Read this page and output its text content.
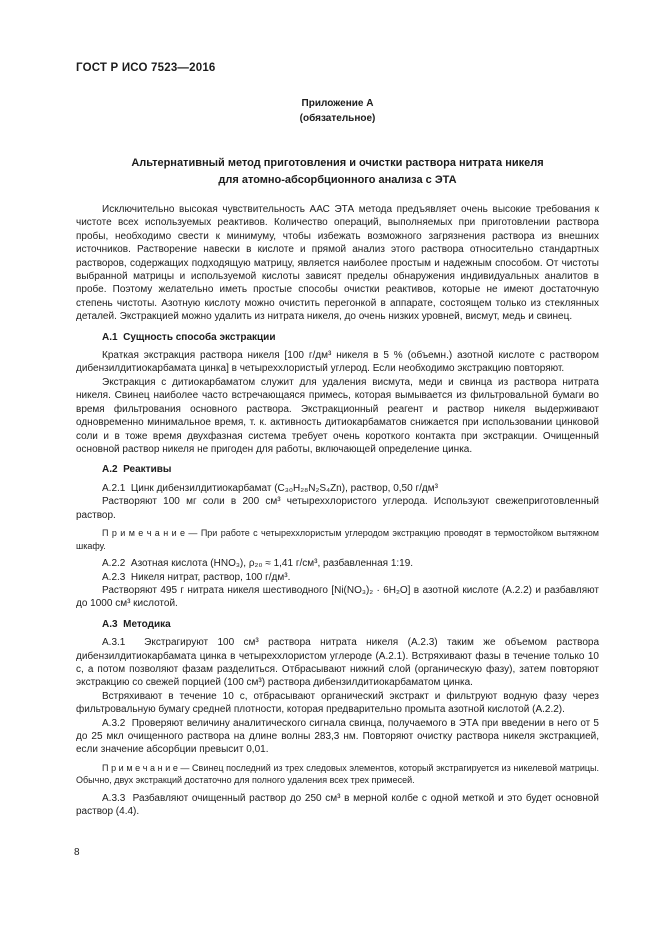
ГОСТ Р ИСО 7523—2016
Приложение А
(обязательное)
Альтернативный метод приготовления и очистки раствора нитрата никеля
для атомно-абсорбционного анализа с ЭТА

Исключительно высокая чувствительность ААС ЭТА метода предъявляет очень высокие требования к чистоте всех используемых реактивов. Количество операций, выполняемых при приготовлении раствора пробы, необходимо свести к минимуму, чтобы избежать возможного загрязнения раствора из внешних источников. Растворение навески в кислоте и прямой анализ этого раствора относительно стандартных растворов, содержащих подходящую матрицу, является наиболее простым и надежным способом. От чистоты выбранной матрицы и используемой кислоты зависят пределы обнаружения индивидуальных аналитов в пробе. Поэтому желательно иметь простые способы очистки реактивов, которые не имеют достаточную степень чистоты. Азотную кислоту можно очистить перегонкой в аппарате, состоящем только из стеклянных деталей. Экстракцией можно удалить из нитрата никеля, до очень низких уровней, висмут, медь и свинец.

А.1  Сущность способа экстракции

Краткая экстракция раствора никеля [100 г/дм³ никеля в 5 % (объемн.) азотной кислоте с раствором дибензилдитиокарбамата цинка] в четыреххлористый углерод. Если необходимо экстракцию повторяют.

Экстракция с дитиокарбаматом служит для удаления висмута, меди и свинца из раствора нитрата никеля. Свинец наиболее часто встречающаяся примесь, которая вымывается из фильтровальной бумаги во время фильтрования основного раствора. Экстракционный реагент и раствор никеля выдерживают одновременно минимальное время, т. к. активность дитиокарбаматов снижается при использовании цинковой соли и в тоже время двухфазная система требует очень короткого контакта при экстракции. Очищенный основной раствор никеля не пригоден для работы, включающей определение цинка.

А.2  Реактивы

А.2.1  Цинк дибензилдитиокарбамат (C₃₀H₂₈N₂S₄Zn), раствор, 0,50 г/дм³

Растворяют 100 мг соли в 200 см³ четыреххлористого углерода. Используют свежеприготовленный раствор.

П р и м е ч а н и е — При работе с четыреххлористым углеродом экстракцию проводят в термостойком вытяжном шкафу.

А.2.2  Азотная кислота (HNO₃), ρ₂₀ ≈ 1,41 г/см³, разбавленная 1:19.

А.2.3  Никеля нитрат, раствор, 100 г/дм³.

Растворяют 495 г нитрата никеля шестиводного [Ni(NO₃)₂ · 6H₂O] в азотной кислоте (А.2.2) и разбавляют до 1000 см³ кислотой.

А.3  Методика

А.3.1  Экстрагируют 100 см³ раствора нитрата никеля (А.2.3) таким же объемом раствора дибензилдитиокарбамата цинка в четыреххлористом углероде (А.2.1). Встряхивают фазы в течение только 10 с, а потом позволяют фазам разделиться. Отбрасывают нижний слой (органическую фазу), затем повторяют экстракцию со свежей порцией (100 см³) раствора дибензилдитиокарбаматом цинка.

Встряхивают в течение 10 с, отбрасывают органический экстракт и фильтруют водную фазу через фильтровальную бумагу средней плотности, которая предварительно промыта азотной кислотой (А.2.2).

А.3.2  Проверяют величину аналитического сигнала свинца, получаемого в ЭТА при введении в него от 5 до 25 мкл очищенного раствора на длине волны 283,3 нм. Повторяют очистку раствора никеля экстракцией, если значение абсорбции превысит 0,01.

П р и м е ч а н и е — Свинец последний из трех следовых элементов, который экстрагируется из никелевой матрицы. Обычно, двух экстракций достаточно для полного удаления всех трех примесей.

А.3.3  Разбавляют очищенный раствор до 250 см³ в мерной колбе с одной меткой и это будет основной раствор (4.4).

8
